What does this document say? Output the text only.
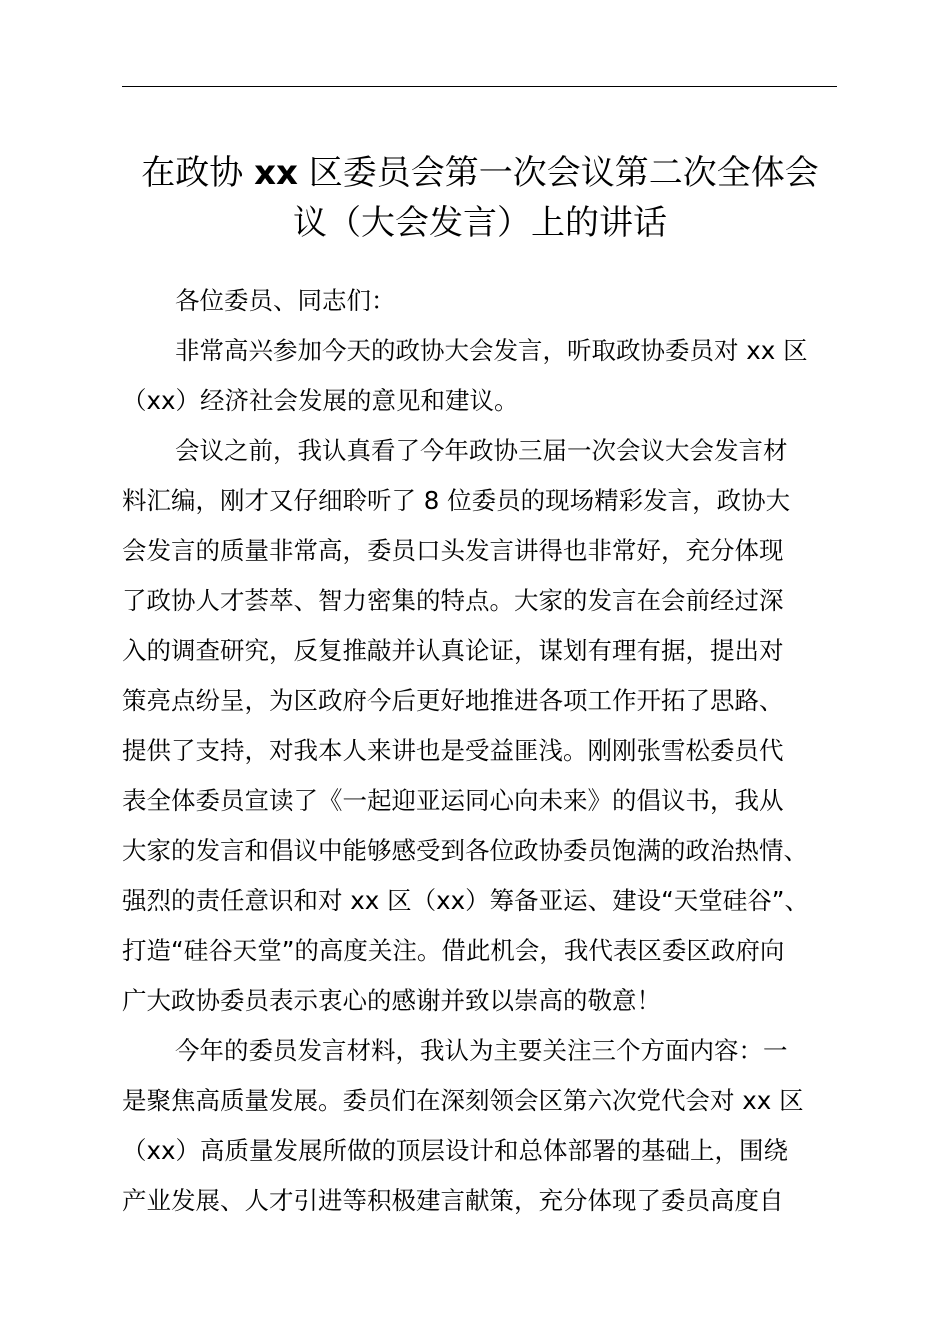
在政协 xx 区委员会第一次会议第二次全体会
议（大会发言）上的讲话
各位委员、同志们：
非常高兴参加今天的政协大会发言，听取政协委员对 xx 区
（xx）经济社会发展的意见和建议。
会议之前，我认真看了今年政协三届一次会议大会发言材
料汇编，刚才又仔细聆听了 8 位委员的现场精彩发言，政协大
会发言的质量非常高，委员口头发言讲得也非常好，充分体现
了政协人才荟萃、智力密集的特点。大家的发言在会前经过深
入的调查研究，反复推敲并认真论证，谋划有理有据，提出对
策亮点纷呈，为区政府今后更好地推进各项工作开拓了思路、
提供了支持，对我本人来讲也是受益匪浅。刚刚张雪松委员代
表全体委员宣读了《一起迎亚运同心向未来》的倡议书，我从
大家的发言和倡议中能够感受到各位政协委员饱满的政治热情、
强烈的责任意识和对 xx 区（xx）筹备亚运、建设“天堂硅谷”、
打造“硅谷天堂”的高度关注。借此机会，我代表区委区政府向
广大政协委员表示衷心的感谢并致以崇高的敬意！
今年的委员发言材料，我认为主要关注三个方面内容：一
是聚焦高质量发展。委员们在深刻领会区第六次党代会对 xx 区
（xx）高质量发展所做的顶层设计和总体部署的基础上，围绕
产业发展、人才引进等积极建言献策，充分体现了委员高度自
